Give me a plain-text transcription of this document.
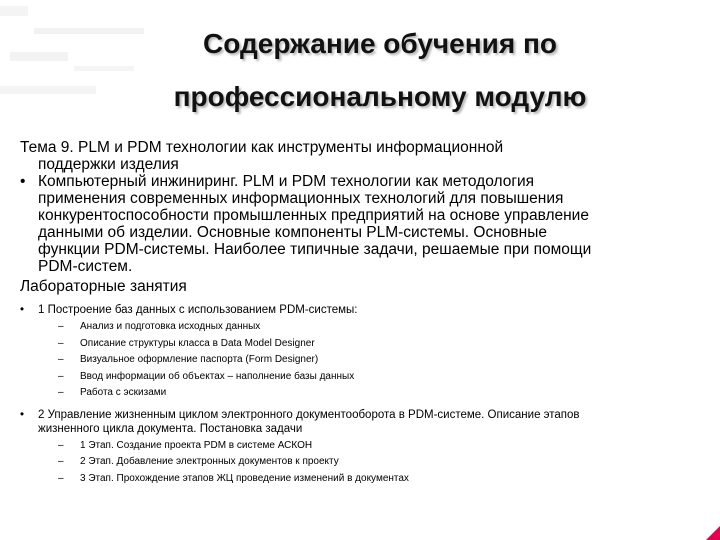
Содержание обучения по
профессиональному модулю
Тема 9. PLM и PDM технологии как инструменты информационной
поддержки изделия
• Компьютерный инжиниринг. PLM и PDM технологии как методология
применения современных информационных технологий для повышения
конкурентоспособности промышленных предприятий на основе управление
данными об изделии. Основные компоненты PLM-системы. Основные
функции PDM-системы. Наиболее типичные задачи, решаемые при помощи
PDM-систем.
Лабораторные занятия
• 1 Построение баз данных с использованием PDM-системы:
– Анализ и подготовка исходных данных
– Описание структуры класса в Data Model Designer
– Визуальное оформление паспорта (Form Designer)
– Ввод информации об объектах – наполнение базы данных
– Работа с эскизами
• 2 Управление жизненным циклом электронного документооборота в PDM-системе. Описание этапов
жизненного цикла документа. Постановка задачи
– 1 Этап. Создание проекта PDM в системе АСКОН
– 2 Этап. Добавление электронных документов к проекту
– 3 Этап. Прохождение этапов ЖЦ проведение изменений в документах
